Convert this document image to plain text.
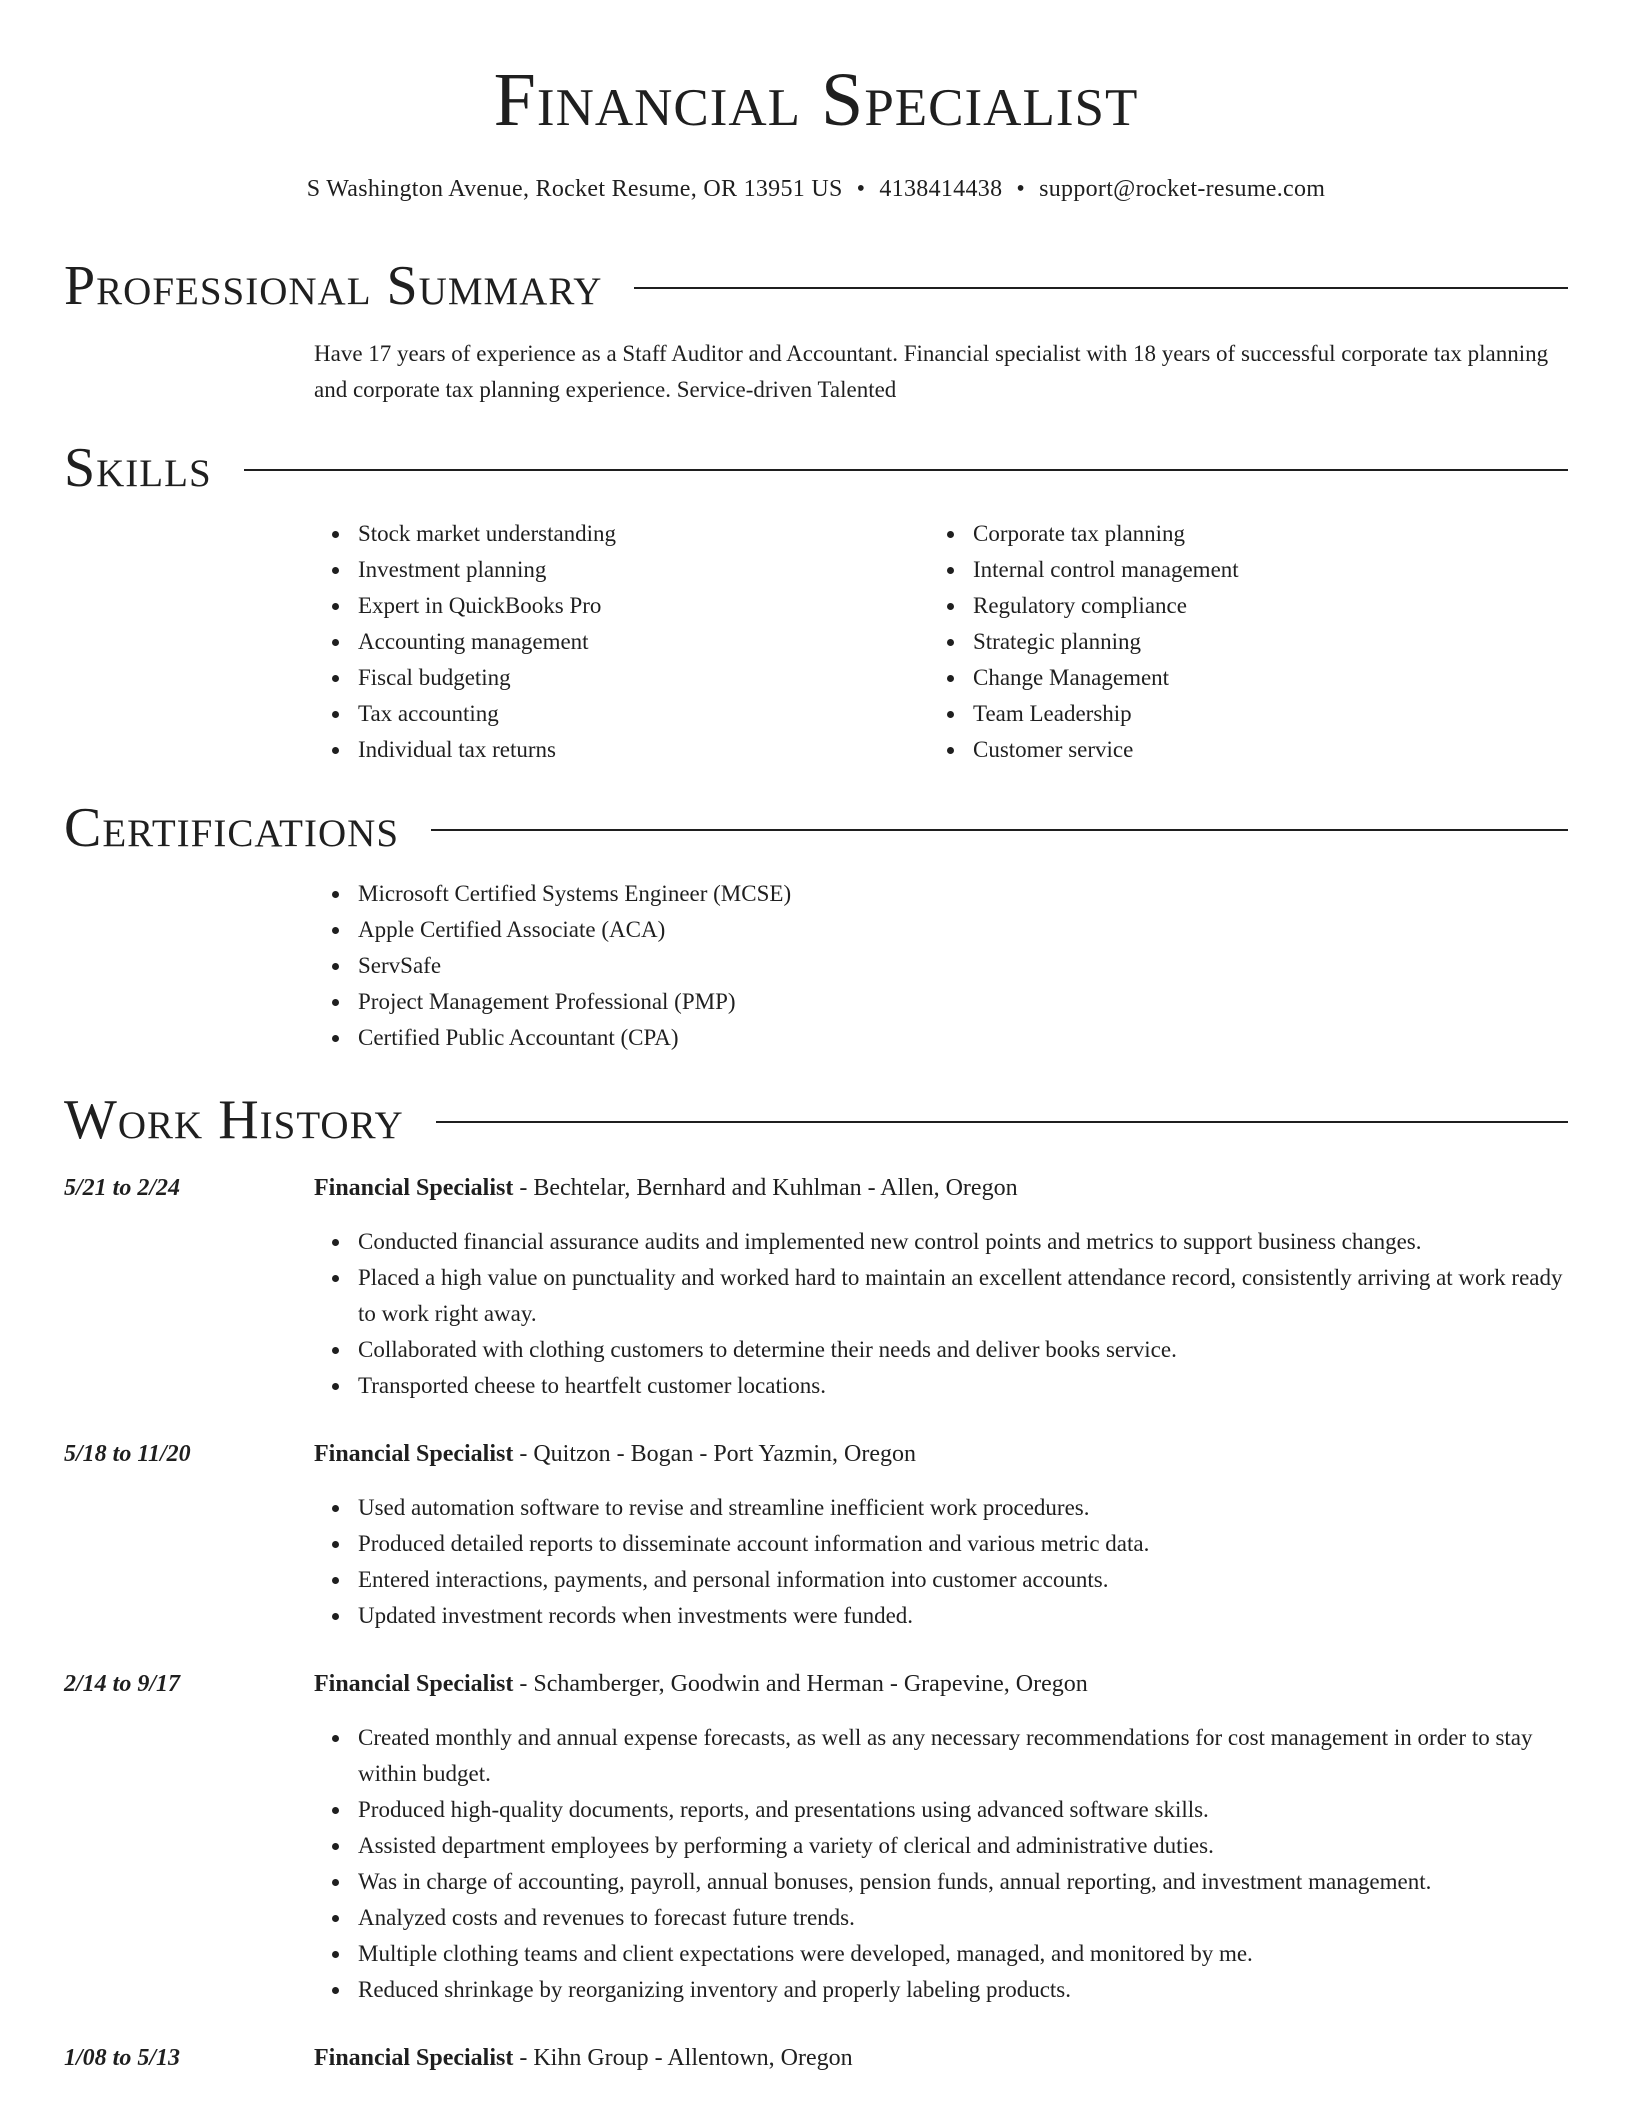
Financial Specialist
S Washington Avenue, Rocket Resume, OR 13951 US • 4138414438 • support@rocket-resume.com
Professional Summary
Have 17 years of experience as a Staff Auditor and Accountant. Financial specialist with 18 years of successful corporate tax planning and corporate tax planning experience. Service-driven Talented
Skills
Stock market understanding
Investment planning
Expert in QuickBooks Pro
Accounting management
Fiscal budgeting
Tax accounting
Individual tax returns
Corporate tax planning
Internal control management
Regulatory compliance
Strategic planning
Change Management
Team Leadership
Customer service
Certifications
Microsoft Certified Systems Engineer (MCSE)
Apple Certified Associate (ACA)
ServSafe
Project Management Professional (PMP)
Certified Public Accountant (CPA)
Work History
5/21 to 2/24	Financial Specialist - Bechtelar, Bernhard and Kuhlman - Allen, Oregon
Conducted financial assurance audits and implemented new control points and metrics to support business changes.
Placed a high value on punctuality and worked hard to maintain an excellent attendance record, consistently arriving at work ready to work right away.
Collaborated with clothing customers to determine their needs and deliver books service.
Transported cheese to heartfelt customer locations.
5/18 to 11/20	Financial Specialist - Quitzon - Bogan - Port Yazmin, Oregon
Used automation software to revise and streamline inefficient work procedures.
Produced detailed reports to disseminate account information and various metric data.
Entered interactions, payments, and personal information into customer accounts.
Updated investment records when investments were funded.
2/14 to 9/17	Financial Specialist - Schamberger, Goodwin and Herman - Grapevine, Oregon
Created monthly and annual expense forecasts, as well as any necessary recommendations for cost management in order to stay within budget.
Produced high-quality documents, reports, and presentations using advanced software skills.
Assisted department employees by performing a variety of clerical and administrative duties.
Was in charge of accounting, payroll, annual bonuses, pension funds, annual reporting, and investment management.
Analyzed costs and revenues to forecast future trends.
Multiple clothing teams and client expectations were developed, managed, and monitored by me.
Reduced shrinkage by reorganizing inventory and properly labeling products.
1/08 to 5/13	Financial Specialist - Kihn Group - Allentown, Oregon
